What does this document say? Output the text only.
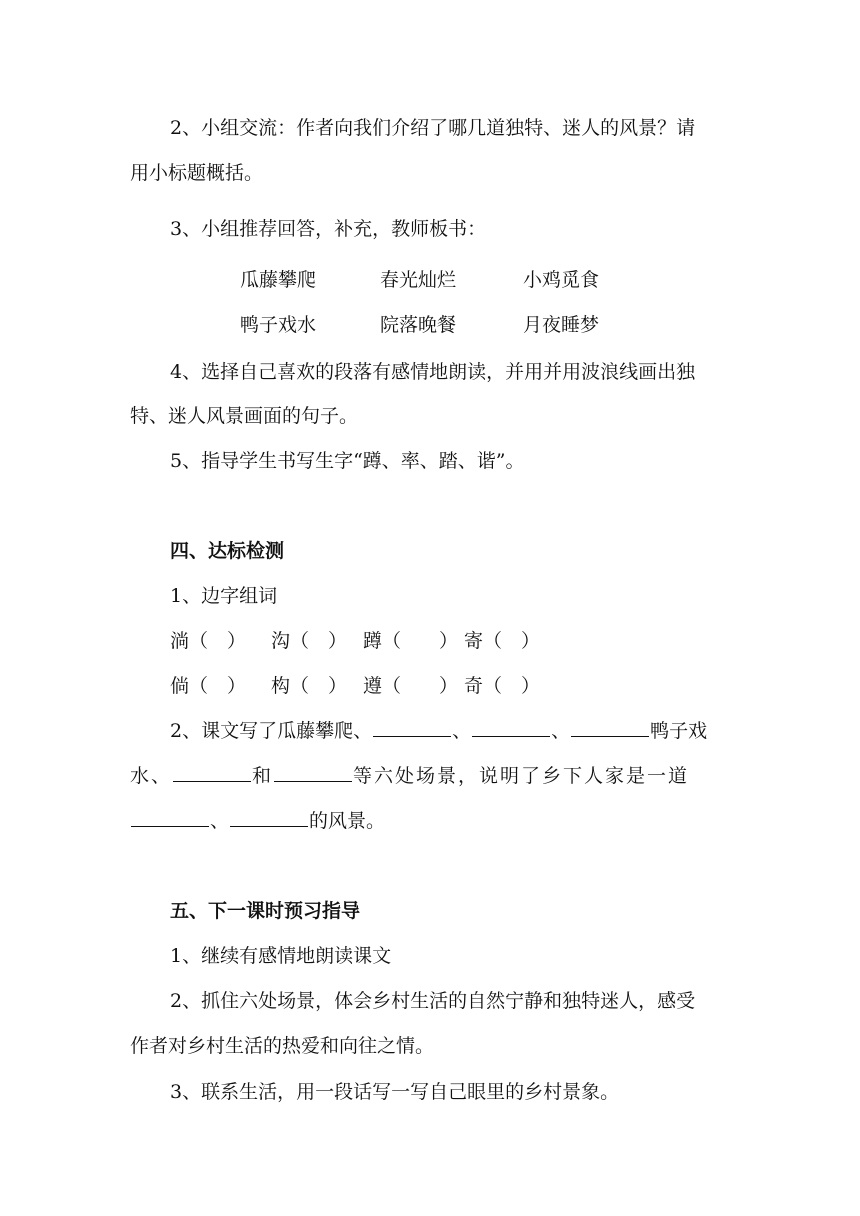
2、小组交流：作者向我们介绍了哪几道独特、迷人的风景？请
用小标题概括。
3、小组推荐回答，补充，教师板书：
瓜藤攀爬	春光灿烂	小鸡觅食
鸭子戏水	院落晚餐	月夜睡梦
4、选择自己喜欢的段落有感情地朗读，并用并用波浪线画出独
特、迷人风景画面的句子。
5、指导学生书写生字“蹲、率、踏、谐”。
四、达标检测
1、边字组词
淌（　） 沟（　） 蹲（　　） 寄（　）
倘（　） 构（　） 遵（　　） 奇（　）
2、课文写了瓜藤攀爬、	、	、	鸭子戏
水、	和	等六处场景，说明了乡下人家是一道
、	的风景。
五、下一课时预习指导
1、继续有感情地朗读课文
2、抓住六处场景，体会乡村生活的自然宁静和独特迷人，感受
作者对乡村生活的热爱和向往之情。
3、联系生活，用一段话写一写自己眼里的乡村景象。
